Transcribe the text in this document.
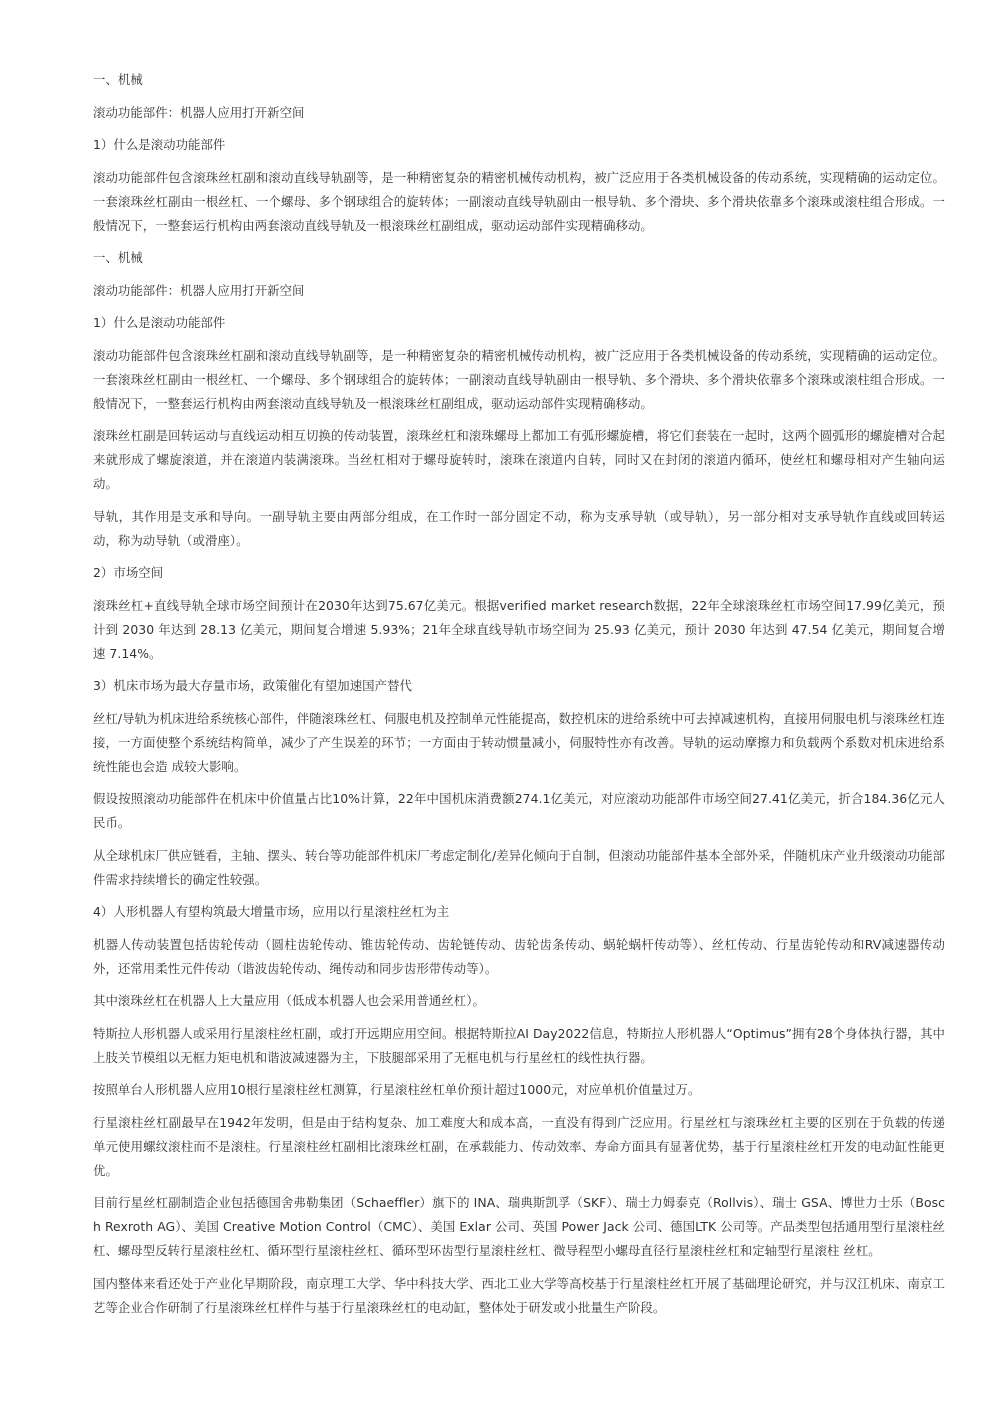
一、机械

滚动功能部件：机器人应用打开新空间

1）什么是滚动功能部件

滚动功能部件包含滚珠丝杠副和滚动直线导轨副等，是一种精密复杂的精密机械传动机构，被广泛应用于各类机械设备的传动系统，实现精确的运动定位。一套滚珠丝杠副由一根丝杠、一个螺母、多个钢球组合的旋转体；一副滚动直线导轨副由一根导轨、多个滑块、多个滑块依靠多个滚珠或滚柱组合形成。一般情况下，一整套运行机构由两套滚动直线导轨及一根滚珠丝杠副组成，驱动运动部件实现精确移动。

一、机械

滚动功能部件：机器人应用打开新空间

1）什么是滚动功能部件

滚动功能部件包含滚珠丝杠副和滚动直线导轨副等，是一种精密复杂的精密机械传动机构，被广泛应用于各类机械设备的传动系统，实现精确的运动定位。一套滚珠丝杠副由一根丝杠、一个螺母、多个钢球组合的旋转体；一副滚动直线导轨副由一根导轨、多个滑块、多个滑块依靠多个滚珠或滚柱组合形成。一般情况下，一整套运行机构由两套滚动直线导轨及一根滚珠丝杠副组成，驱动运动部件实现精确移动。

滚珠丝杠副是回转运动与直线运动相互切换的传动装置，滚珠丝杠和滚珠螺母上都加工有弧形螺旋槽，将它们套装在一起时，这两个圆弧形的螺旋槽对合起来就形成了螺旋滚道，并在滚道内装满滚珠。当丝杠相对于螺母旋转时，滚珠在滚道内自转，同时又在封闭的滚道内循环，使丝杠和螺母相对产生轴向运动。

导轨，其作用是支承和导向。一副导轨主要由两部分组成，在工作时一部分固定不动，称为支承导轨（或导轨），另一部分相对支承导轨作直线或回转运动，称为动导轨（或滑座）。

2）市场空间

滚珠丝杠+直线导轨全球市场空间预计在2030年达到75.67亿美元。根据verified market research数据，22年全球滚珠丝杠市场空间17.99亿美元，预计到 2030 年达到 28.13 亿美元，期间复合增速 5.93%；21年全球直线导轨市场空间为 25.93 亿美元，预计 2030 年达到 47.54 亿美元，期间复合增速 7.14%。

3）机床市场为最大存量市场，政策催化有望加速国产替代

丝杠/导轨为机床进给系统核心部件，伴随滚珠丝杠、伺服电机及控制单元性能提高，数控机床的进给系统中可去掉减速机构，直接用伺服电机与滚珠丝杠连接，一方面使整个系统结构简单，减少了产生误差的环节；一方面由于转动惯量减小，伺服特性亦有改善。导轨的运动摩擦力和负载两个系数对机床进给系统性能也会造 成较大影响。

假设按照滚动功能部件在机床中价值量占比10%计算，22年中国机床消费额274.1亿美元，对应滚动功能部件市场空间27.41亿美元，折合184.36亿元人民币。

从全球机床厂供应链看，主轴、摆头、转台等功能部件机床厂考虑定制化/差异化倾向于自制，但滚动功能部件基本全部外采，伴随机床产业升级滚动功能部件需求持续增长的确定性较强。

4）人形机器人有望构筑最大增量市场，应用以行星滚柱丝杠为主

机器人传动装置包括齿轮传动（圆柱齿轮传动、锥齿轮传动、齿轮链传动、齿轮齿条传动、蜗轮蜗杆传动等）、丝杠传动、行星齿轮传动和RV减速器传动外，还常用柔性元件传动（谐波齿轮传动、绳传动和同步齿形带传动等）。

其中滚珠丝杠在机器人上大量应用（低成本机器人也会采用普通丝杠）。

特斯拉人形机器人或采用行星滚柱丝杠副，或打开远期应用空间。根据特斯拉AI Day2022信息，特斯拉人形机器人“Optimus”拥有28个身体执行器，其中上肢关节模组以无框力矩电机和谐波减速器为主，下肢腿部采用了无框电机与行星丝杠的线性执行器。

按照单台人形机器人应用10根行星滚柱丝杠测算，行星滚柱丝杠单价预计超过1000元，对应单机价值量过万。

行星滚柱丝杠副最早在1942年发明，但是由于结构复杂、加工难度大和成本高，一直没有得到广泛应用。行星丝杠与滚珠丝杠主要的区别在于负载的传递单元使用螺纹滚柱而不是滚柱。行星滚柱丝杠副相比滚珠丝杠副，在承载能力、传动效率、寿命方面具有显著优势，基于行星滚柱丝杠开发的电动缸性能更优。

目前行星丝杠副制造企业包括德国舍弗勒集团（Schaeffler）旗下的 INA、瑞典斯凯孚（SKF）、瑞士力姆泰克（Rollvis）、瑞士 GSA、博世力士乐（Bosch Rexroth AG）、美国 Creative Motion Control（CMC）、美国 Exlar 公司、英国 Power Jack 公司、德国LTK 公司等。产品类型包括通用型行星滚柱丝杠、螺母型反转行星滚柱丝杠、循环型行星滚柱丝杠、循环型环齿型行星滚柱丝杠、微导程型小螺母直径行星滚柱丝杠和定轴型行星滚柱 丝杠。

国内整体来看还处于产业化早期阶段，南京理工大学、华中科技大学、西北工业大学等高校基于行星滚柱丝杠开展了基础理论研究，并与汉江机床、南京工艺等企业合作研制了行星滚珠丝杠样件与基于行星滚珠丝杠的电动缸，整体处于研发或小批量生产阶段。
